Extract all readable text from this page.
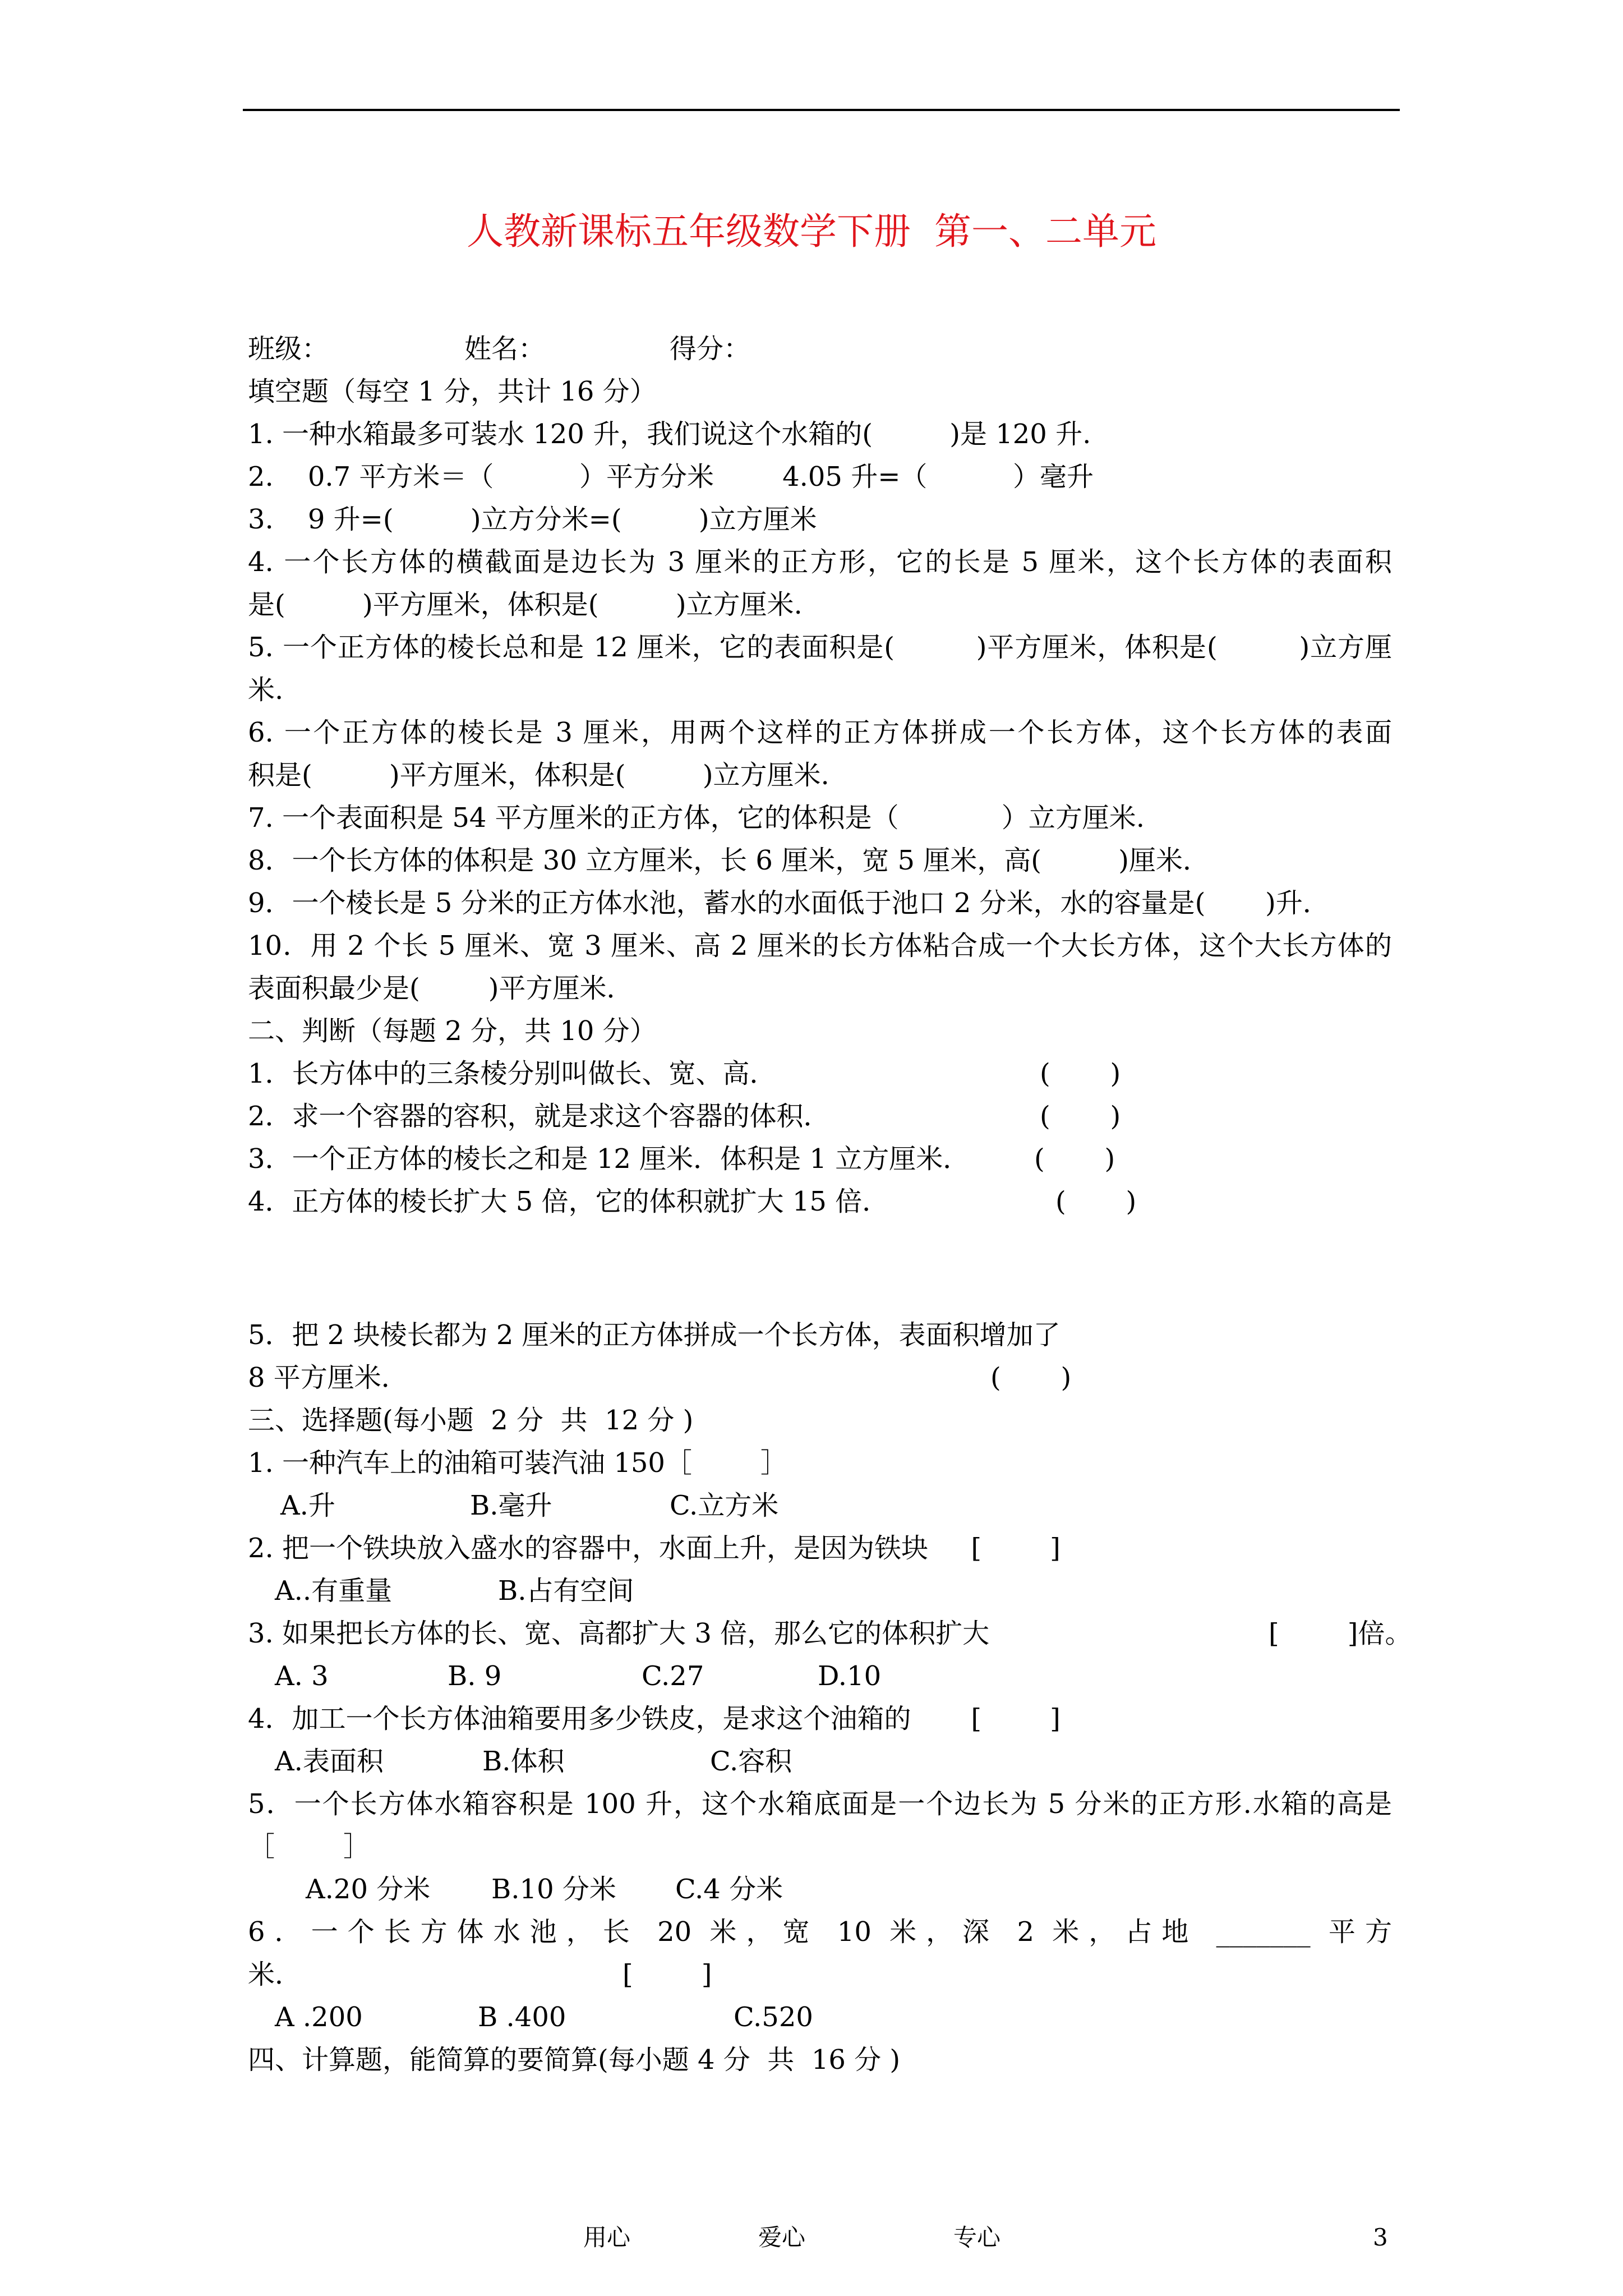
人教新课标五年级数学下册  第一、二单元
班级：	姓名：	得分：
填空题（每空 1 分，共计 16 分）
1. 一种水箱最多可装水 120 升，我们说这个水箱的(         )是 120 升.
2.    0.7 平方米＝（          ）平方分米        4.05 升=（          ）毫升
3.    9 升=(         )立方分米=(         )立方厘米
4. 一个长方体的横截面是边长为 3 厘米的正方形，它的长是 5 厘米，这个长方体的表面积
是(         )平方厘米，体积是(         )立方厘米.
5. 一个正方体的棱长总和是 12 厘米，它的表面积是(         )平方厘米，体积是(         )立方厘
米.
6. 一个正方体的棱长是 3 厘米，用两个这样的正方体拼成一个长方体，这个长方体的表面
积是(         )平方厘米，体积是(         )立方厘米.
7. 一个表面积是 54 平方厘米的正方体，它的体积是（            ）立方厘米.
8．一个长方体的体积是 30 立方厘米，长 6 厘米，宽 5 厘米，高(         )厘米．
9．一个棱长是 5 分米的正方体水池，蓄水的水面低于池口 2 分米，水的容量是(       )升．
10．用 2 个长 5 厘米、宽 3 厘米、高 2 厘米的长方体粘合成一个大长方体，这个大长方体的
表面积最少是(        )平方厘米．
二、判断（每题 2 分，共 10 分）
1．长方体中的三条棱分别叫做长、宽、高．	(       )
2．求一个容器的容积，就是求这个容器的体积．	(       )
3．一个正方体的棱长之和是 12 厘米．体积是 1 立方厘米． (       )
4．正方体的棱长扩大 5 倍，它的体积就扩大 15 倍．	(       )
5．把 2 块棱长都为 2 厘米的正方体拼成一个长方体，表面积增加了
8 平方厘米．	(       )
三、选择题(每小题  2 分  共  12 分 )
1. 一种汽车上的油箱可装汽油 150［        ］
A.升	B.毫升	C.立方米
2. 把一个铁块放入盛水的容器中，水面上升，是因为铁块     [        ]
A..有重量	B.占有空间
3. 如果把长方体的长、宽、高都扩大 3 倍，那么它的体积扩大	[        ]倍。
A. 3	B. 9	C.27	D.10
4．加工一个长方体油箱要用多少铁皮，是求这个油箱的       [        ]
A.表面积	B.体积	C.容积
5．一个长方体水箱容积是 100 升，这个水箱底面是一个边长为 5 分米的正方形.水箱的高是
［        ］
A.20 分米 B.10 分米 C.4 分米
6．一个长方体水池，长 20 米，宽 10 米，深 2 米，占地 _______ 平方
米．	[        ]
A .200	B .400	C.520
四、计算题，能简算的要简算(每小题 4 分  共  16 分 )
用心	爱心	专心	3
